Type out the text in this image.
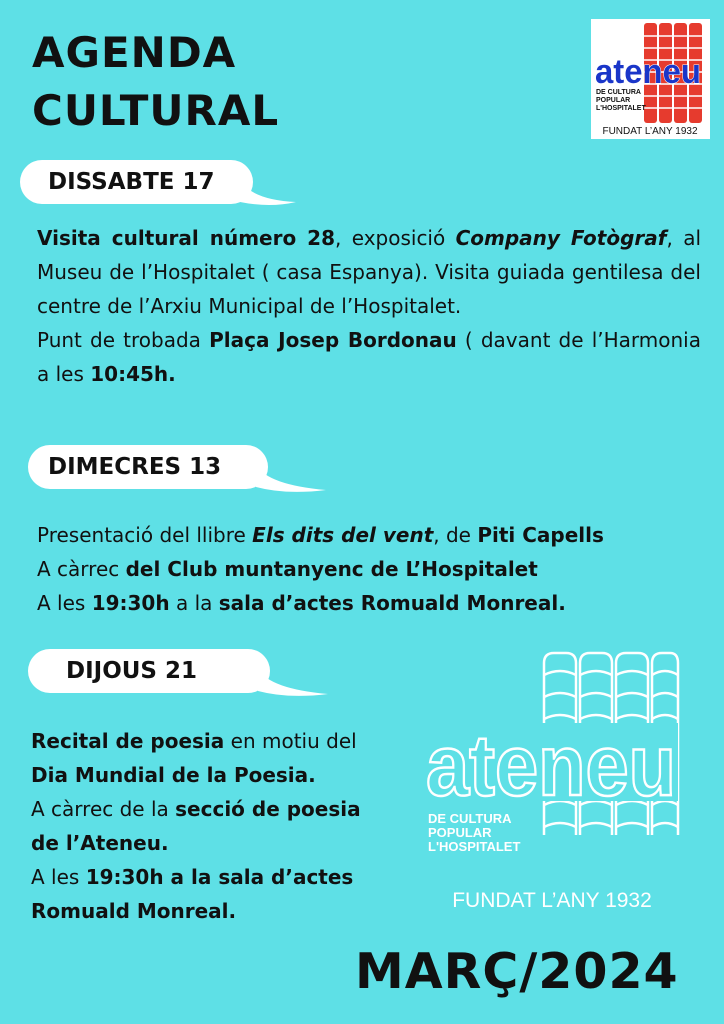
AGENDA
CULTURAL
ateneu
DE CULTURA
POPULAR
L'HOSPITALET
FUNDAT L’ANY 1932
DISSABTE 17

Visita cultural número 28, exposició Company Fotògraf, al Museu de l’Hospitalet ( casa Espanya). Visita guiada gentilesa del centre de l’Arxiu Municipal de l’Hospitalet.

Punt de trobada Plaça Josep Bordonau ( davant de l’Harmonia a les 10:45h.

DIMECRES 13

Presentació del llibre Els dits del vent, de Piti Capells

A càrrec del Club muntanyenc de L’Hospitalet

A les 19:30h a la sala d’actes Romuald Monreal.

DIJOUS 21

Recital de poesia en motiu del

Dia Mundial de la Poesia.

A càrrec de la secció de poesia

de l’Ateneu.

A les 19:30h a la sala d’actes

Romuald Monreal.

ateneu
DE CULTURA
POPULAR
L'HOSPITALET
FUNDAT L’ANY 1932
MARÇ/2024
